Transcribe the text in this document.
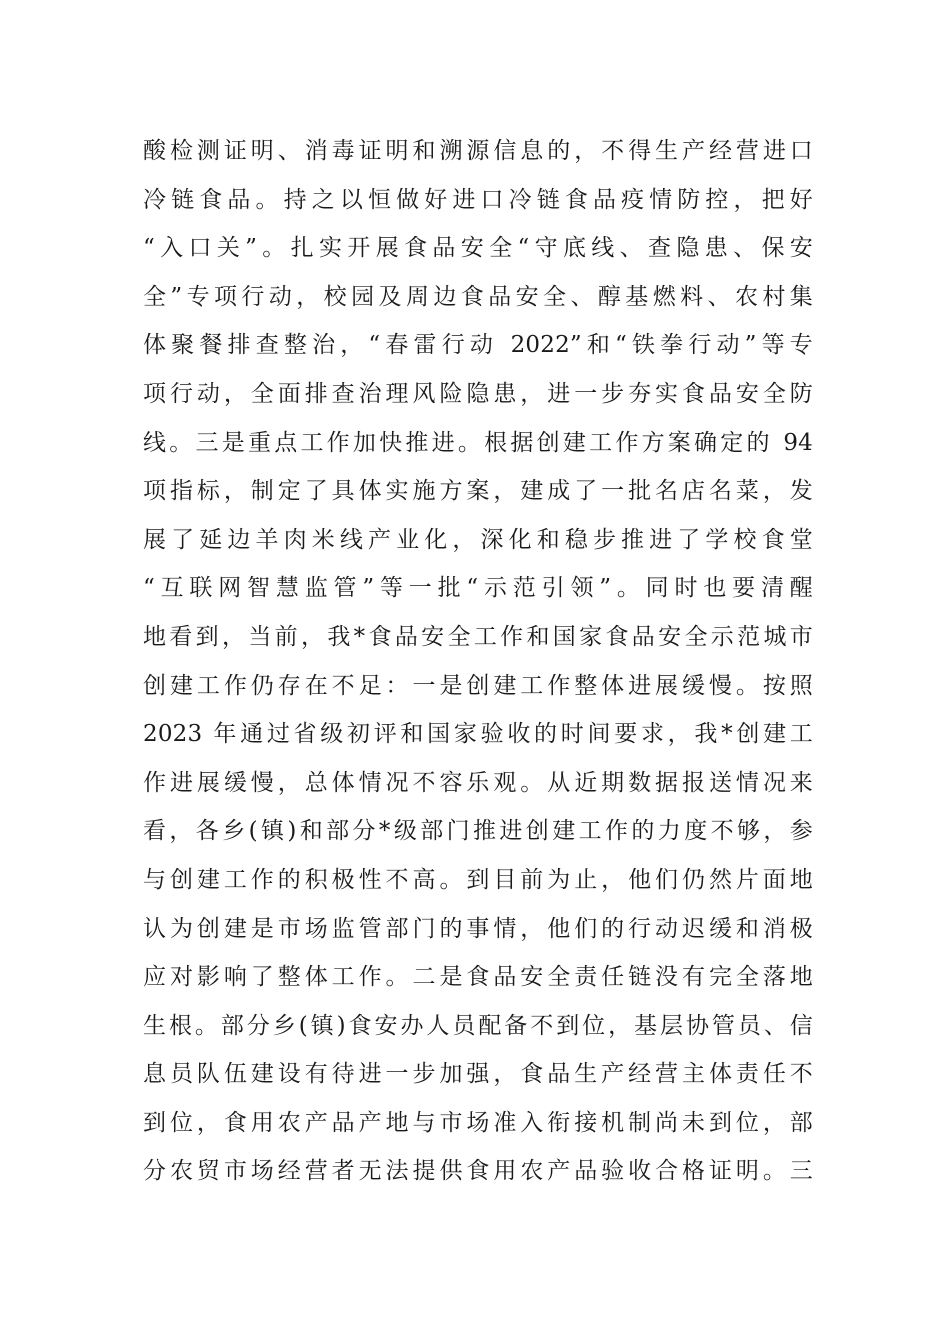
酸检测证明、消毒证明和溯源信息的，不得生产经营进口
冷链食品。持之以恒做好进口冷链食品疫情防控，把好
“入口关”。扎实开展食品安全“守底线、查隐患、保安
全”专项行动，校园及周边食品安全、醇基燃料、农村集
体聚餐排查整治，“春雷行动 2022”和“铁拳行动”等专
项行动，全面排查治理风险隐患，进一步夯实食品安全防
线。三是重点工作加快推进。根据创建工作方案确定的 94
项指标，制定了具体实施方案，建成了一批名店名菜，发
展了延边羊肉米线产业化，深化和稳步推进了学校食堂
“互联网智慧监管”等一批“示范引领”。同时也要清醒
地看到，当前，我*食品安全工作和国家食品安全示范城市
创建工作仍存在不足：一是创建工作整体进展缓慢。按照
2023 年通过省级初评和国家验收的时间要求，我*创建工
作进展缓慢，总体情况不容乐观。从近期数据报送情况来
看，各乡(镇)和部分*级部门推进创建工作的力度不够，参
与创建工作的积极性不高。到目前为止，他们仍然片面地
认为创建是市场监管部门的事情，他们的行动迟缓和消极
应对影响了整体工作。二是食品安全责任链没有完全落地
生根。部分乡(镇)食安办人员配备不到位，基层协管员、信
息员队伍建设有待进一步加强，食品生产经营主体责任不
到位，食用农产品产地与市场准入衔接机制尚未到位，部
分农贸市场经营者无法提供食用农产品验收合格证明。三
